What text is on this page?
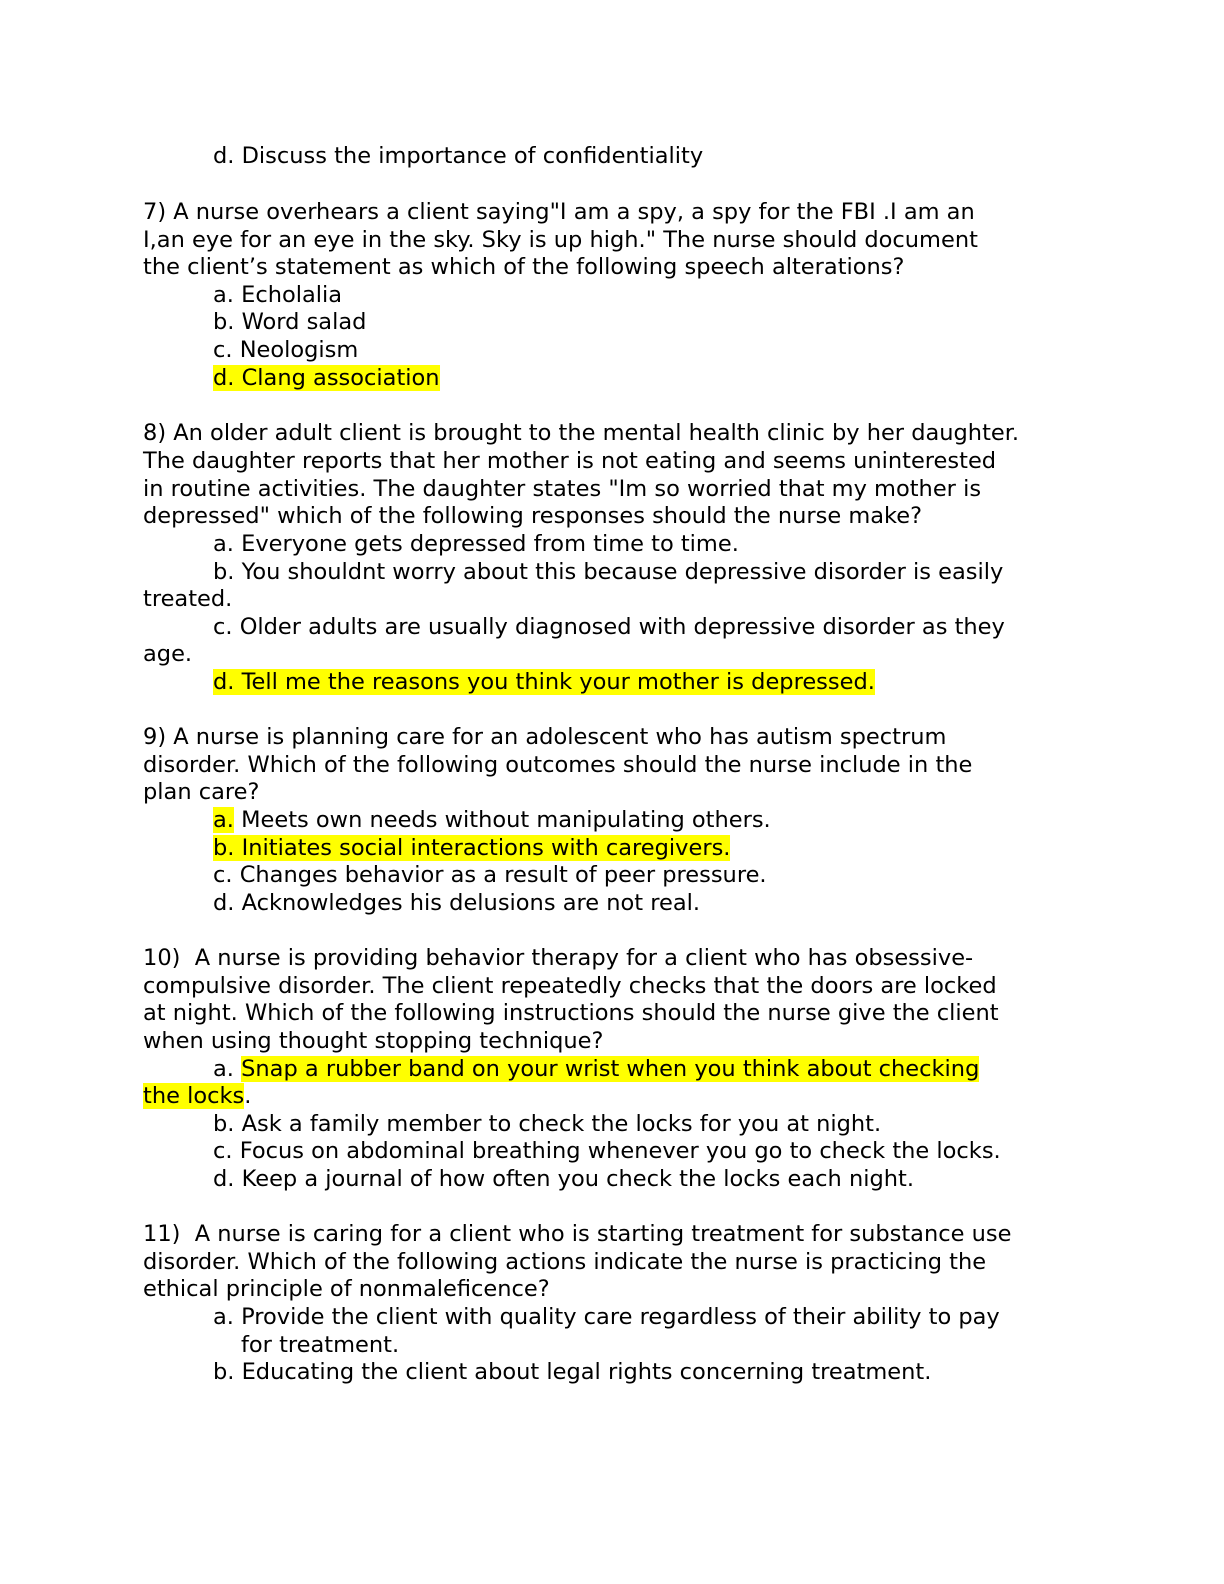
d. Discuss the importance of confidentiality
7) A nurse overhears a client saying"I am a spy, a spy for the FBI .I am an
I,an eye for an eye in the sky. Sky is up high." The nurse should document
the client’s statement as which of the following speech alterations?
a. Echolalia
b. Word salad
c. Neologism
d. Clang association
8) An older adult client is brought to the mental health clinic by her daughter.
The daughter reports that her mother is not eating and seems uninterested
in routine activities. The daughter states "Im so worried that my mother is
depressed" which of the following responses should the nurse make?
a. Everyone gets depressed from time to time.
b. You shouldnt worry about this because depressive disorder is easily
treated.
c. Older adults are usually diagnosed with depressive disorder as they
age.
d. Tell me the reasons you think your mother is depressed.
9) A nurse is planning care for an adolescent who has autism spectrum
disorder. Which of the following outcomes should the nurse include in the
plan care?
a. Meets own needs without manipulating others.
b. Initiates social interactions with caregivers.
c. Changes behavior as a result of peer pressure.
d. Acknowledges his delusions are not real.
10)  A nurse is providing behavior therapy for a client who has obsessive-
compulsive disorder. The client repeatedly checks that the doors are locked
at night. Which of the following instructions should the nurse give the client
when using thought stopping technique?
a. Snap a rubber band on your wrist when you think about checking
the locks.
b. Ask a family member to check the locks for you at night.
c. Focus on abdominal breathing whenever you go to check the locks.
d. Keep a journal of how often you check the locks each night.
11)  A nurse is caring for a client who is starting treatment for substance use
disorder. Which of the following actions indicate the nurse is practicing the
ethical principle of nonmaleficence?
a. Provide the client with quality care regardless of their ability to pay
for treatment.
b. Educating the client about legal rights concerning treatment.
